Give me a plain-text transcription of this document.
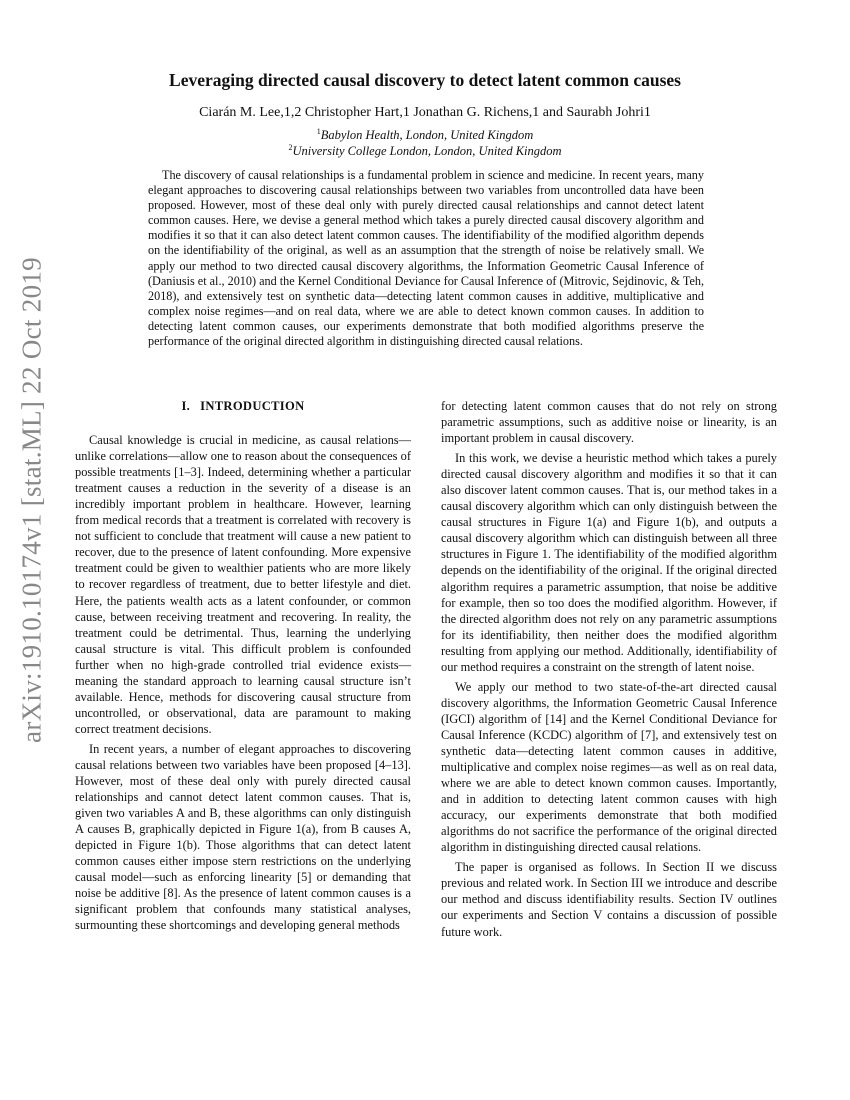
arXiv:1910.10174v1 [stat.ML] 22 Oct 2019
Leveraging directed causal discovery to detect latent common causes
Ciarán M. Lee,1,2 Christopher Hart,1 Jonathan G. Richens,1 and Saurabh Johri1
$^1$Babylon Health, London, United Kingdom
$^2$University College London, London, United Kingdom

The discovery of causal relationships is a fundamental problem in science and medicine. In recent years, many elegant approaches to discovering causal relationships between two variables from uncontrolled data have been proposed. However, most of these deal only with purely directed causal relationships and cannot detect latent common causes. Here, we devise a general method which takes a purely directed causal discovery algorithm and modifies it so that it can also detect latent common causes. The identifiability of the modified algorithm depends on the identifiability of the original, as well as an assumption that the strength of noise be relatively small. We apply our method to two directed causal discovery algorithms, the Information Geometric Causal Inference of (Daniusis et al., 2010) and the Kernel Conditional Deviance for Causal Inference of (Mitrovic, Sejdinovic, & Teh, 2018), and extensively test on synthetic data—detecting latent common causes in additive, multiplicative and complex noise regimes—and on real data, where we are able to detect known common causes. In addition to detecting latent common causes, our experiments demonstrate that both modified algorithms preserve the performance of the original directed algorithm in distinguishing directed causal relations.

I. INTRODUCTION

Causal knowledge is crucial in medicine, as causal relations—unlike correlations—allow one to reason about the consequences of possible treatments [1–3]. Indeed, determining whether a particular treatment causes a reduction in the severity of a disease is an incredibly important problem in healthcare. However, learning from medical records that a treatment is correlated with recovery is not sufficient to conclude that treatment will cause a new patient to recover, due to the presence of latent confounding. More expensive treatment could be given to wealthier patients who are more likely to recover regardless of treatment, due to better lifestyle and diet. Here, the patients wealth acts as a latent confounder, or common cause, between receiving treatment and recovering. In reality, the treatment could be detrimental. Thus, learning the underlying causal structure is vital. This difficult problem is confounded further when no high-grade controlled trial evidence exists—meaning the standard approach to learning causal structure isn’t available. Hence, methods for discovering causal structure from uncontrolled, or observational, data are paramount to making correct treatment decisions.

In recent years, a number of elegant approaches to discovering causal relations between two variables have been proposed [4–13]. However, most of these deal only with purely directed causal relationships and cannot detect latent common causes. That is, given two variables A and B, these algorithms can only distinguish A causes B, graphically depicted in Figure 1(a), from B causes A, depicted in Figure 1(b). Those algorithms that can detect latent common causes either impose stern restrictions on the underlying causal model—such as enforcing linearity [5] or demanding that noise be additive [8]. As the presence of latent common causes is a significant problem that confounds many statistical analyses, surmounting these shortcomings and developing general methods

for detecting latent common causes that do not rely on strong parametric assumptions, such as additive noise or linearity, is an important problem in causal discovery.

In this work, we devise a heuristic method which takes a purely directed causal discovery algorithm and modifies it so that it can also discover latent common causes. That is, our method takes in a causal discovery algorithm which can only distinguish between the causal structures in Figure 1(a) and Figure 1(b), and outputs a causal discovery algorithm which can distinguish between all three structures in Figure 1. The identifiability of the modified algorithm depends on the identifiability of the original. If the original directed algorithm requires a parametric assumption, that noise be additive for example, then so too does the modified algorithm. However, if the directed algorithm does not rely on any parametric assumptions for its identifiability, then neither does the modified algorithm resulting from applying our method. Additionally, identifiability of our method requires a constraint on the strength of latent noise.

We apply our method to two state-of-the-art directed causal discovery algorithms, the Information Geometric Causal Inference (IGCI) algorithm of [14] and the Kernel Conditional Deviance for Causal Inference (KCDC) algorithm of [7], and extensively test on synthetic data—detecting latent common causes in additive, multiplicative and complex noise regimes—as well as on real data, where we are able to detect known common causes. Importantly, and in addition to detecting latent common causes with high accuracy, our experiments demonstrate that both modified algorithms do not sacrifice the performance of the original directed algorithm in distinguishing directed causal relations.

The paper is organised as follows. In Section II we discuss previous and related work. In Section III we introduce and describe our method and discuss identifiability results. Section IV outlines our experiments and Section V contains a discussion of possible future work.
